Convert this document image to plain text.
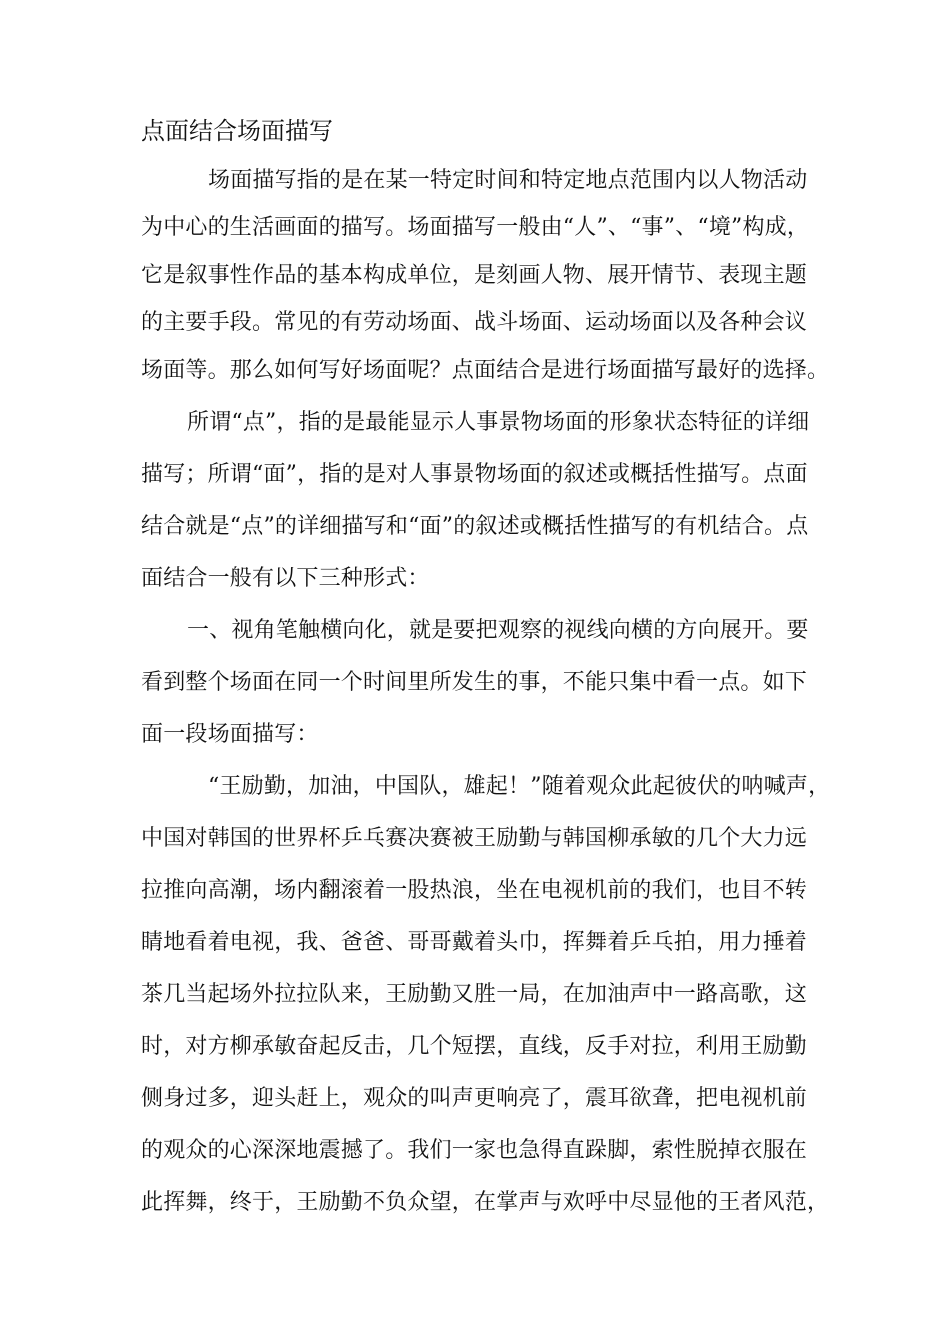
点面结合场面描写

场面描写指的是在某一特定时间和特定地点范围内以人物活动

为中心的生活画面的描写。场面描写一般由“人”、“事”、“境”构成，

它是叙事性作品的基本构成单位，是刻画人物、展开情节、表现主题

的主要手段。常见的有劳动场面、战斗场面、运动场面以及各种会议

场面等。那么如何写好场面呢？点面结合是进行场面描写最好的选择。

所谓“点”，指的是最能显示人事景物场面的形象状态特征的详细

描写；所谓“面”，指的是对人事景物场面的叙述或概括性描写。点面

结合就是“点”的详细描写和“面”的叙述或概括性描写的有机结合。点

面结合一般有以下三种形式：

一、视角笔触横向化，就是要把观察的视线向横的方向展开。要

看到整个场面在同一个时间里所发生的事，不能只集中看一点。如下

面一段场面描写：

“王励勤，加油，中国队，雄起！”随着观众此起彼伏的呐喊声，

中国对韩国的世界杯乒乓赛决赛被王励勤与韩国柳承敏的几个大力远

拉推向高潮，场内翻滚着一股热浪，坐在电视机前的我们，也目不转

睛地看着电视，我、爸爸、哥哥戴着头巾，挥舞着乒乓拍，用力捶着

茶几当起场外拉拉队来，王励勤又胜一局，在加油声中一路高歌，这

时，对方柳承敏奋起反击，几个短摆，直线，反手对拉，利用王励勤

侧身过多，迎头赶上，观众的叫声更响亮了，震耳欲聋，把电视机前

的观众的心深深地震撼了。我们一家也急得直跺脚，索性脱掉衣服在

此挥舞，终于，王励勤不负众望，在掌声与欢呼中尽显他的王者风范，
